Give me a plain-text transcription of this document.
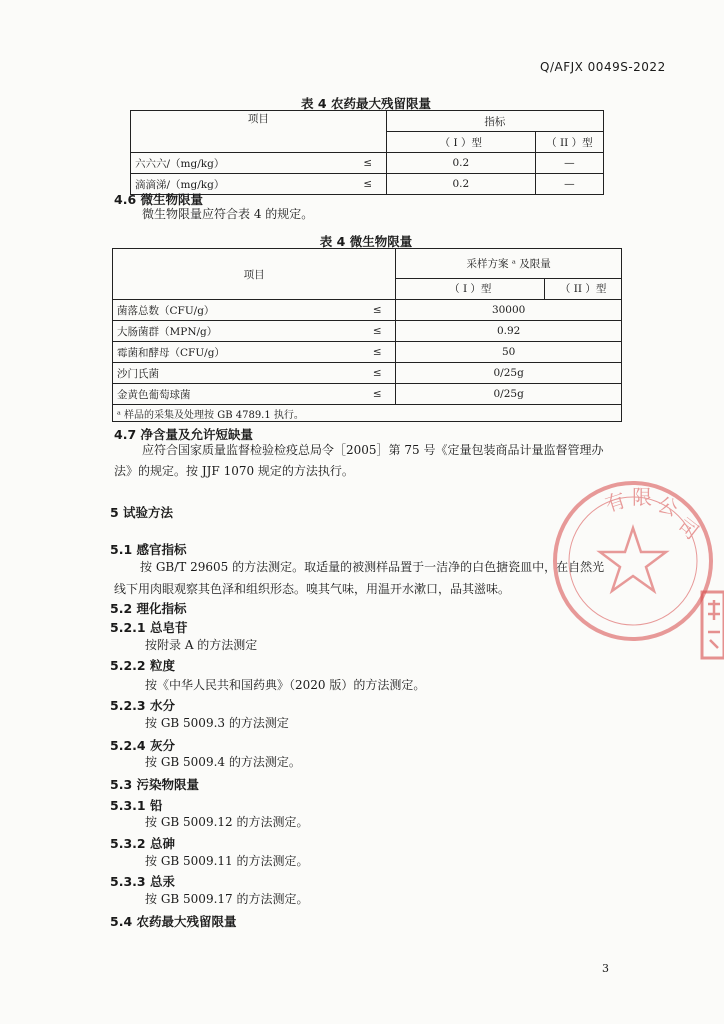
Q/AFJX 0049S-2022
表 4 农药最大残留限量
项目		指标	
		（ I ）型	（ II ）型
六六六/（mg/kg）	≤	0.2	—
滴滴涕/（mg/kg）	≤	0.2	—
4.6 微生物限量
微生物限量应符合表 4 的规定。
表 4 微生物限量
项目		采样方案 ᵃ 及限量	
		（ I ）型	（ II ）型
菌落总数（CFU/g）	≤	30000	
大肠菌群（MPN/g）	≤	0.92	
霉菌和酵母（CFU/g）	≤	50	
沙门氏菌	≤	0/25g	
金黄色葡萄球菌	≤	0/25g	
ᵃ 样品的采集及处理按 GB 4789.1 执行。			
4.7 净含量及允许短缺量
应符合国家质量监督检验检疫总局令［2005］第 75 号《定量包装商品计量监督管理办
法》的规定。按 JJF 1070 规定的方法执行。
5 试验方法
5.1 感官指标
按 GB/T 29605 的方法测定。取适量的被测样品置于一洁净的白色搪瓷皿中，在自然光
线下用肉眼观察其色泽和组织形态。嗅其气味，用温开水漱口，品其滋味。
5.2 理化指标
5.2.1 总皂苷
按附录 A 的方法测定
5.2.2 粒度
按《中华人民共和国药典》（2020 版）的方法测定。
5.2.3 水分
按 GB 5009.3 的方法测定
5.2.4 灰分
按 GB 5009.4 的方法测定。
5.3 污染物限量
5.3.1 铅
按 GB 5009.12 的方法测定。
5.3.2 总砷
按 GB 5009.11 的方法测定。
5.3.3 总汞
按 GB 5009.17 的方法测定。
5.4 农药最大残留限量
3
有 限 公
司
